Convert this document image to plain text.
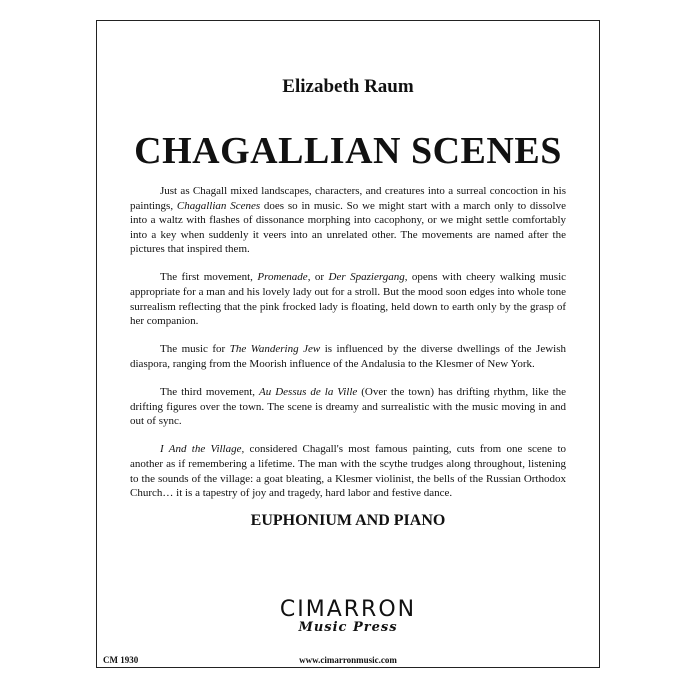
Elizabeth Raum
CHAGALLIAN SCENES

Just as Chagall mixed landscapes, characters, and creatures into a surreal concoction in his paintings, Chagallian Scenes does so in music. So we might start with a march only to dissolve into a waltz with flashes of dissonance morphing into cacophony, or we might settle comfortably into a key when suddenly it veers into an unrelated other. The movements are named after the pictures that inspired them.

The first movement, Promenade, or Der Spaziergang, opens with cheery walking music appropriate for a man and his lovely lady out for a stroll. But the mood soon edges into whole tone surrealism reflecting that the pink frocked lady is floating, held down to earth only by the grasp of her companion.

The music for The Wandering Jew is influenced by the diverse dwellings of the Jewish diaspora, ranging from the Moorish influence of the Andalusia to the Klesmer of New York.

The third movement, Au Dessus de la Ville (Over the town) has drifting rhythm, like the drifting figures over the town. The scene is dreamy and surrealistic with the music moving in and out of sync.

I And the Village, considered Chagall's most famous painting, cuts from one scene to another as if remembering a lifetime. The man with the scythe trudges along throughout, listening to the sounds of the village: a goat bleating, a Klesmer violinist, the bells of the Russian Orthodox Church… it is a tapestry of joy and tragedy, hard labor and festive dance.

EUPHONIUM AND PIANO
CIMARRON
Music Press
www.cimarronmusic.com
CM 1930
